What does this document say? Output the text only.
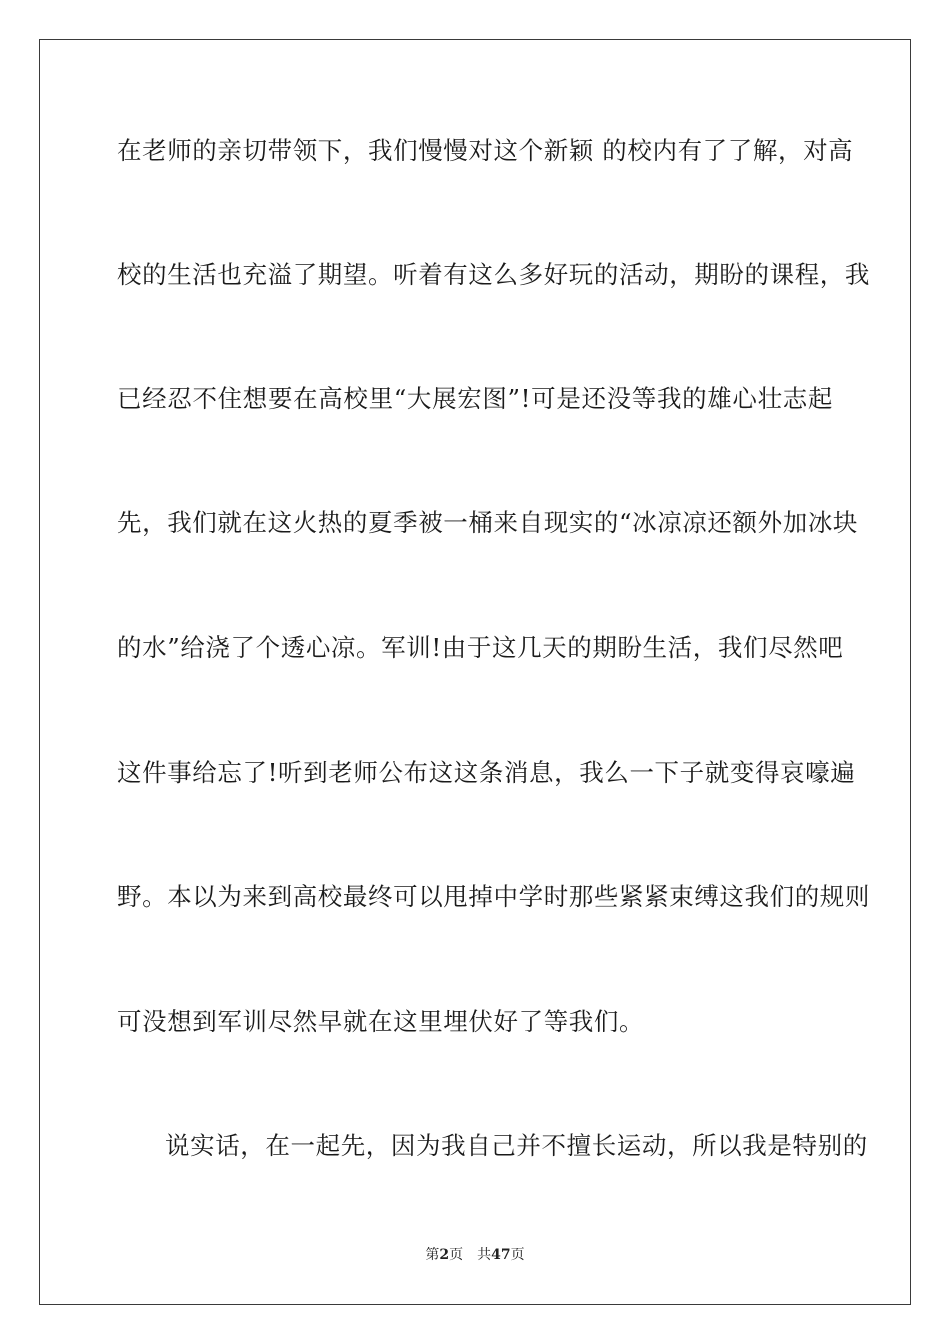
在老师的亲切带领下，我们慢慢对这个新颖 的校内有了了解，对高
校的生活也充溢了期望。听着有这么多好玩的活动，期盼的课程，我
已经忍不住想要在高校里“大展宏图”!可是还没等我的雄心壮志起
先，我们就在这火热的夏季被一桶来自现实的“冰凉凉还额外加冰块
的水”给浇了个透心凉。军训!由于这几天的期盼生活，我们尽然吧
这件事给忘了!听到老师公布这这条消息，我么一下子就变得哀嚎遍
野。本以为来到高校最终可以甩掉中学时那些紧紧束缚这我们的规则
可没想到军训尽然早就在这里埋伏好了等我们。
说实话，在一起先，因为我自己并不擅长运动，所以我是特别的
第2页 共47页
